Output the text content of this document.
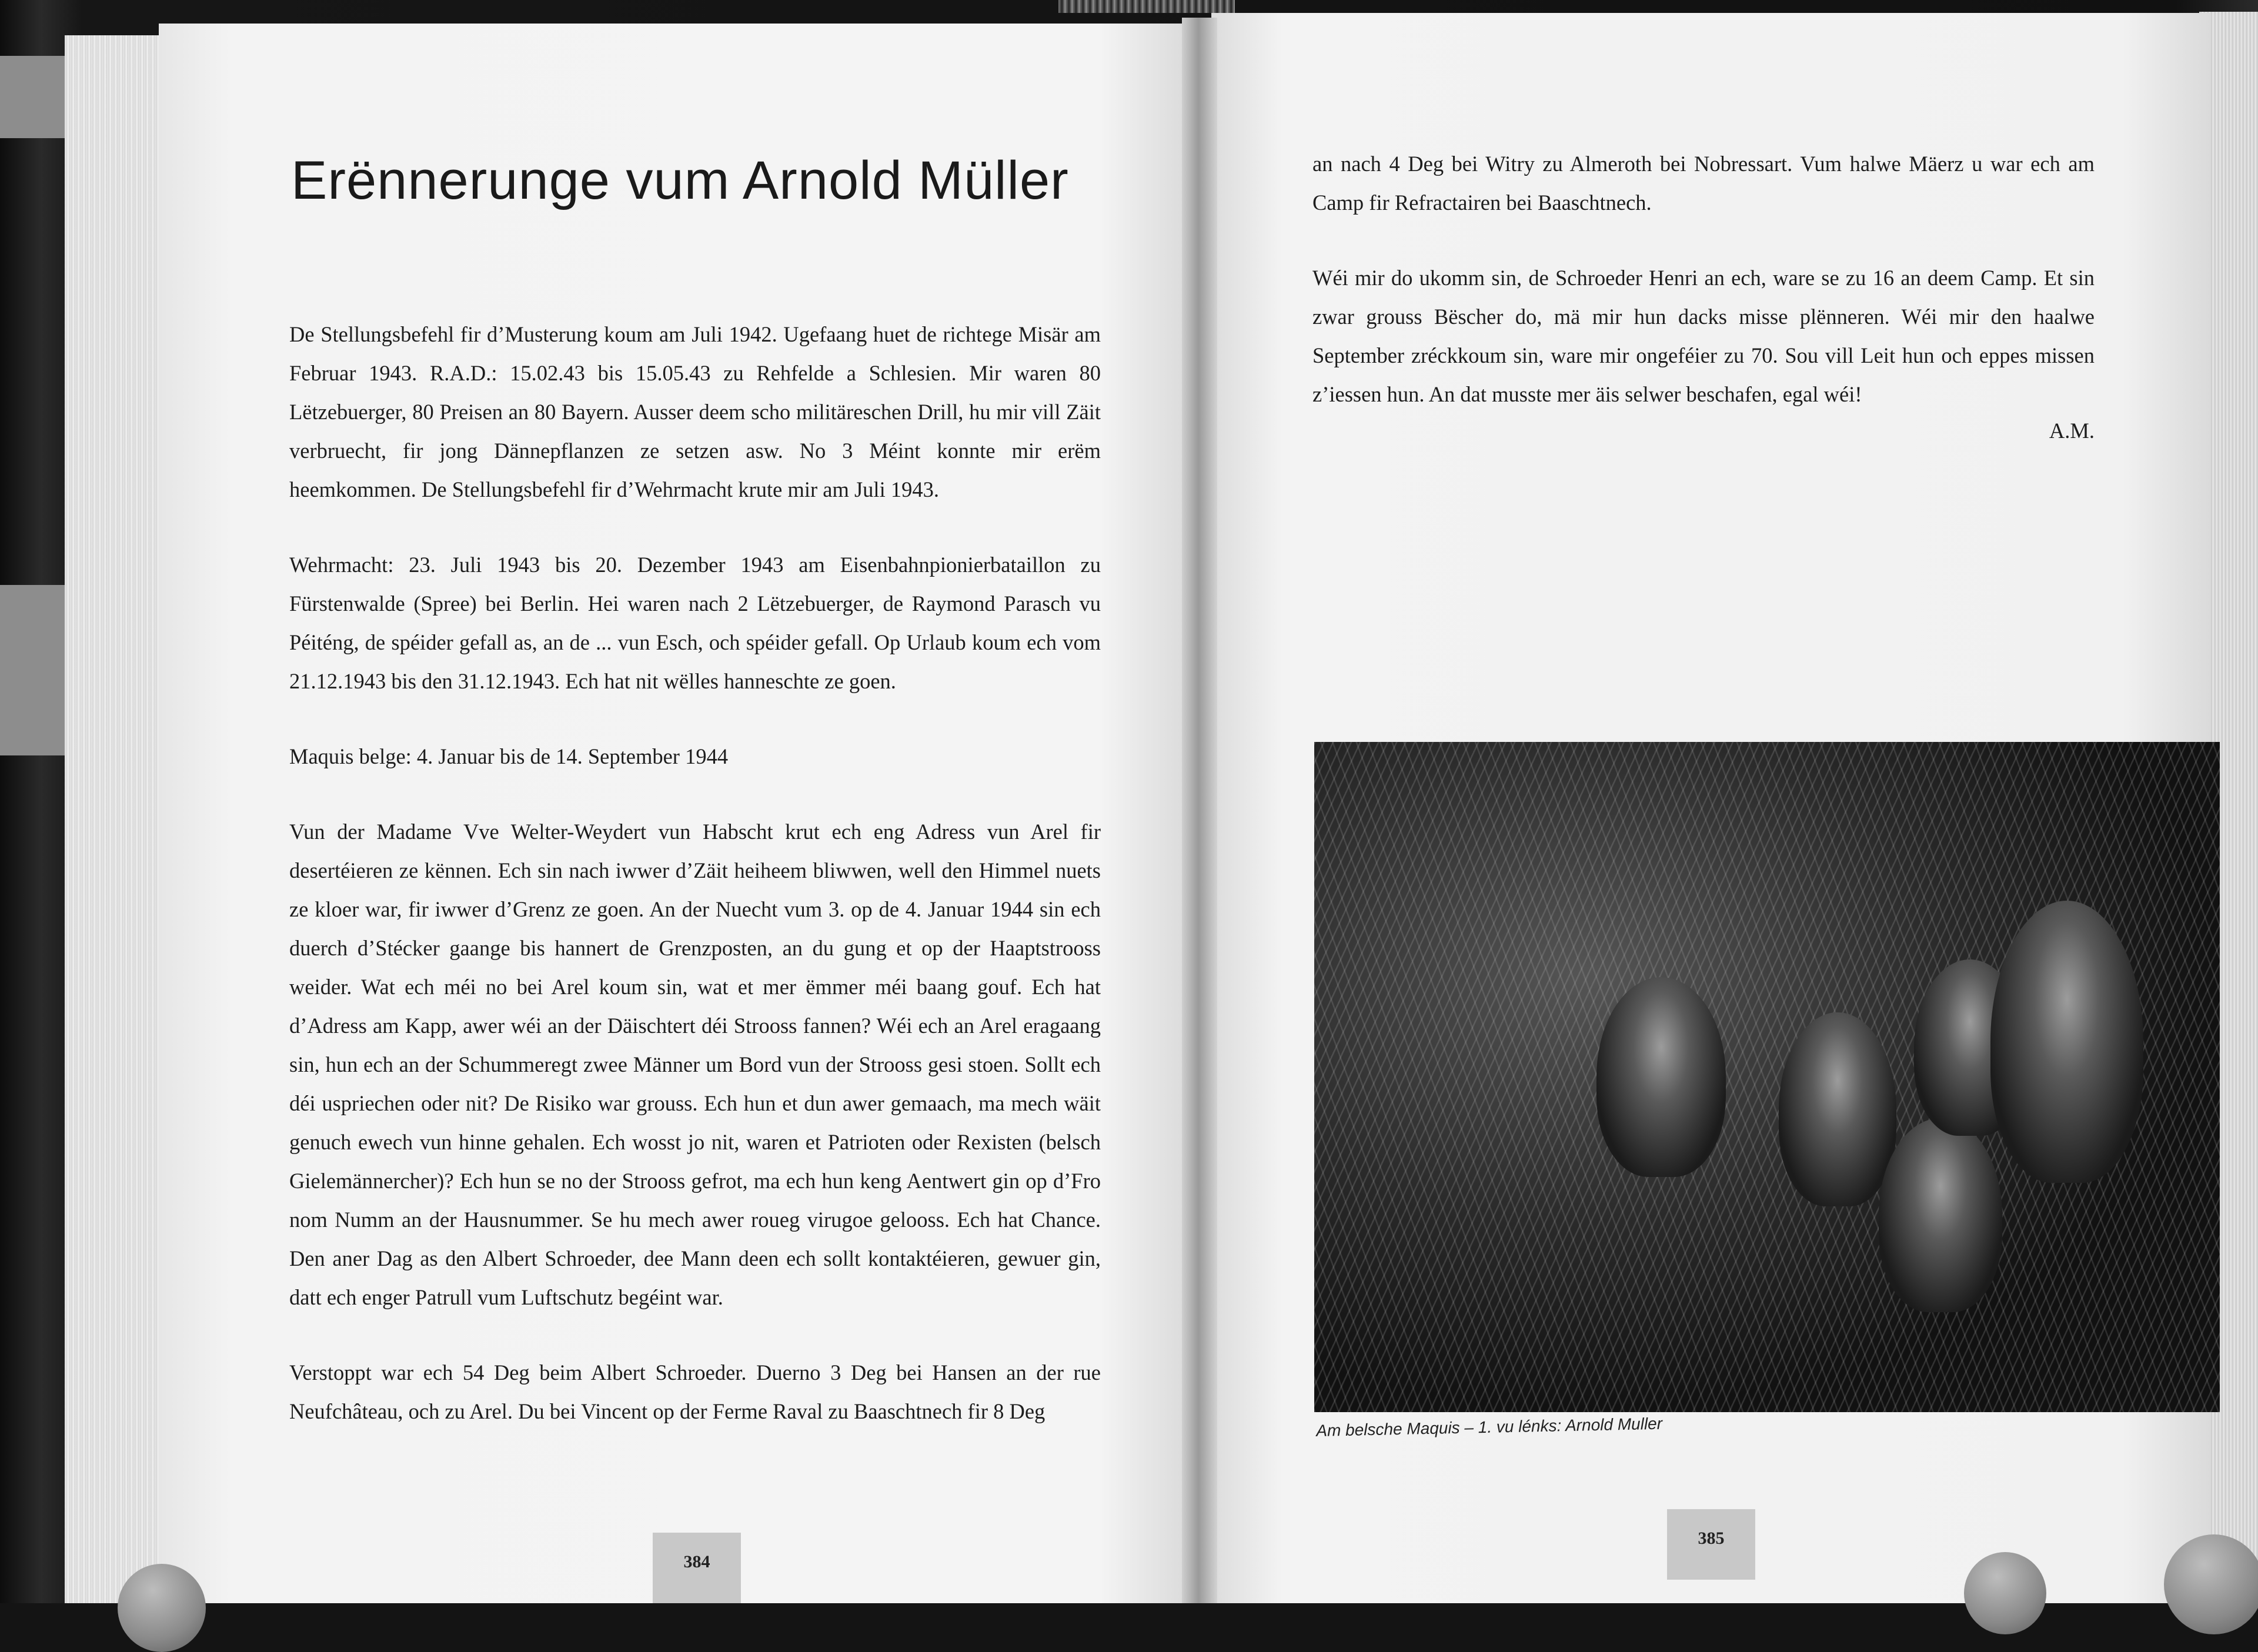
Erënnerunge vum Arnold Müller

De Stellungsbefehl fir d’Musterung koum am Juli 1942. Ugefaang huet de richtege Misär am Februar 1943. R.A.D.: 15.02.43 bis 15.05.43 zu Rehfelde a Schlesien. Mir waren 80 Lëtzebuerger, 80 Preisen an 80 Bayern. Ausser deem scho militäreschen Drill, hu mir vill Zäit verbruecht, fir jong Dännepflanzen ze setzen asw. No 3 Méint konnte mir erëm heemkommen. De Stellungsbefehl fir d’Wehrmacht krute mir am Juli 1943.

Wehrmacht: 23. Juli 1943 bis 20. Dezember 1943 am Eisenbahnpionierbataillon zu Fürstenwalde (Spree) bei Berlin. Hei waren nach 2 Lëtzebuerger, de Raymond Parasch vu Péiténg, de spéider gefall as, an de ... vun Esch, och spéider gefall. Op Urlaub koum ech vom 21.12.1943 bis den 31.12.1943. Ech hat nit wëlles hanneschte ze goen.

Maquis belge: 4. Januar bis de 14. September 1944

Vun der Madame Vve Welter-Weydert vun Habscht krut ech eng Adress vun Arel fir desertéieren ze kënnen. Ech sin nach iwwer d’Zäit heiheem bliwwen, well den Himmel nuets ze kloer war, fir iwwer d’Grenz ze goen. An der Nuecht vum 3. op de 4. Januar 1944 sin ech duerch d’Stécker gaange bis hannert de Grenzposten, an du gung et op der Haaptstrooss weider. Wat ech méi no bei Arel koum sin, wat et mer ëmmer méi baang gouf. Ech hat d’Adress am Kapp, awer wéi an der Däischtert déi Strooss fannen? Wéi ech an Arel eragaang sin, hun ech an der Schummeregt zwee Männer um Bord vun der Strooss gesi stoen. Sollt ech déi uspriechen oder nit? De Risiko war grouss. Ech hun et dun awer gemaach, ma mech wäit genuch ewech vun hinne gehalen. Ech wosst jo nit, waren et Patrioten oder Rexisten (belsch Gielemännercher)? Ech hun se no der Strooss gefrot, ma ech hun keng Aentwert gin op d’Fro nom Numm an der Hausnummer. Se hu mech awer roueg virugoe gelooss. Ech hat Chance. Den aner Dag as den Albert Schroeder, dee Mann deen ech sollt kontaktéieren, gewuer gin, datt ech enger Patrull vum Luftschutz begéint war.

Verstoppt war ech 54 Deg beim Albert Schroeder. Duerno 3 Deg bei Hansen an der rue Neufchâteau, och zu Arel. Du bei Vincent op der Ferme Raval zu Baaschtnech fir 8 Deg

an nach 4 Deg bei Witry zu Almeroth bei Nobressart. Vum halwe Mäerz u war ech am Camp fir Refractairen bei Baaschtnech.

Wéi mir do ukomm sin, de Schroeder Henri an ech, ware se zu 16 an deem Camp. Et sin zwar grouss Bëscher do, mä mir hun dacks misse plënneren. Wéi mir den haalwe September zréckkoum sin, ware mir ongeféier zu 70. Sou vill Leit hun och eppes missen z’iessen hun. An dat musste mer äis selwer beschafen, egal wéi!

A.M.
Am belsche Maquis – 1. vu lénks: Arnold Muller
384
385
